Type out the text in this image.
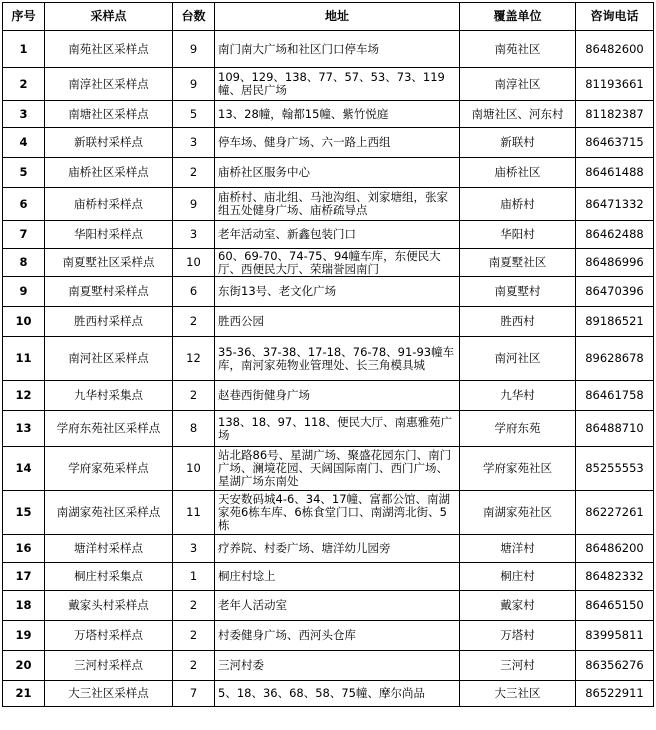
序号	采样点	台数	地址	覆盖单位	咨询电话
1	南苑社区采样点	9	南门南大广场和社区门口停车场	南苑社区	86482600
2	南淳社区采样点	9	109、129、138、77、57、53、73、119幢、居民广场	南淳社区	81193661
3	南塘社区采样点	5	13、28幢，翰都15幢、紫竹悦庭	南塘社区、河东村	81182387
4	新联村采样点	3	停车场、健身广场、六一路上西组	新联村	86463715
5	庙桥社区采样点	2	庙桥社区服务中心	庙桥社区	86461488
6	庙桥村采样点	9	庙桥村、庙北组、马池沟组、刘家塘组，张家组五处健身广场、庙桥疏导点	庙桥村	86471332
7	华阳村采样点	3	老年活动室、新鑫包装门口	华阳村	86462488
8	南夏墅社区采样点	10	60、69-70、74-75、94幢车库，东便民大厅、西便民大厅、荣瑞誉园南门	南夏墅社区	86486996
9	南夏墅村采样点	6	东街13号、老文化广场	南夏墅村	86470396
10	胜西村采样点	2	胜西公园	胜西村	89186521
11	南河社区采样点	12	35-36、37-38、17-18、76-78、91-93幢车库，南河家苑物业管理处、长三角模具城	南河社区	89628678
12	九华村采集点	2	赵巷西街健身广场	九华村	86461758
13	学府东苑社区采样点	8	138、18、97、118、便民大厅、南惠雅苑广场	学府东苑	86488710
14	学府家苑采样点	10	站北路86号、星湖广场、聚盛花园东门、南门广场、澜境花园、天阔国际南门、西门广场、星湖广场东南处	学府家苑社区	85255553
15	南湖家苑社区采样点	11	天安数码城4-6、34、17幢、富都公馆、南湖家苑6栋车库、6栋食堂门口、南湖湾北街、5栋	南湖家苑社区	86227261
16	塘洋村采样点	3	疗养院、村委广场、塘洋幼儿园旁	塘洋村	86486200
17	桐庄村采集点	1	桐庄村埝上	桐庄村	86482332
18	戴家头村采样点	2	老年人活动室	戴家村	86465150
19	万塔村采样点	2	村委健身广场、西河头仓库	万塔村	83995811
20	三河村采样点	2	三河村委	三河村	86356276
21	大三社区采样点	7	5、18、36、68、58、75幢、摩尔尚品	大三社区	86522911
